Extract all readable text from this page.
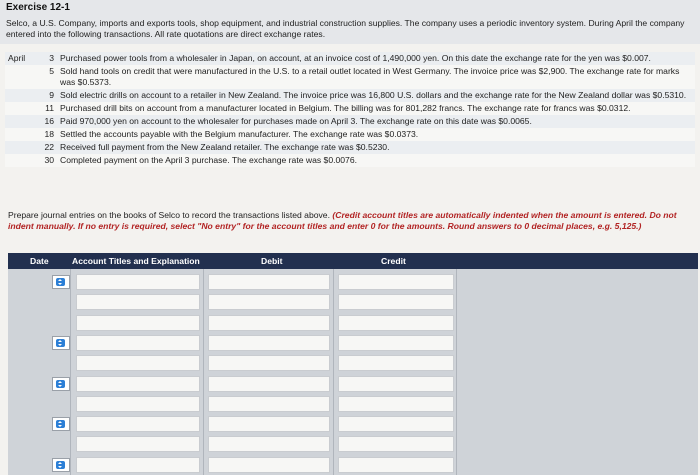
Exercise 12-1
Selco, a U.S. Company, imports and exports tools, shop equipment, and industrial construction supplies. The company uses a periodic inventory system. During April the company entered into the following transactions. All rate quotations are direct exchange rates.
April	3	Purchased power tools from a wholesaler in Japan, on account, at an invoice cost of 1,490,000 yen. On this date the exchange rate for the yen was $0.007.
	5	Sold hand tools on credit that were manufactured in the U.S. to a retail outlet located in West Germany. The invoice price was $2,900. The exchange rate for marks was $0.5373.
	9	Sold electric drills on account to a retailer in New Zealand. The invoice price was 16,800 U.S. dollars and the exchange rate for the New Zealand dollar was $0.5310.
	11	Purchased drill bits on account from a manufacturer located in Belgium. The billing was for 801,282 francs. The exchange rate for francs was $0.0312.
	16	Paid 970,000 yen on account to the wholesaler for purchases made on April 3. The exchange rate on this date was $0.0065.
	18	Settled the accounts payable with the Belgium manufacturer. The exchange rate was $0.0373.
	22	Received full payment from the New Zealand retailer. The exchange rate was $0.5230.
	30	Completed payment on the April 3 purchase. The exchange rate was $0.0076.
Prepare journal entries on the books of Selco to record the transactions listed above. (Credit account titles are automatically indented when the amount is entered. Do not indent manually. If no entry is required, select "No entry" for the account titles and enter 0 for the amounts. Round answers to 0 decimal places, e.g. 5,125.)
Date	Account Titles and Explanation	Debit	Credit
